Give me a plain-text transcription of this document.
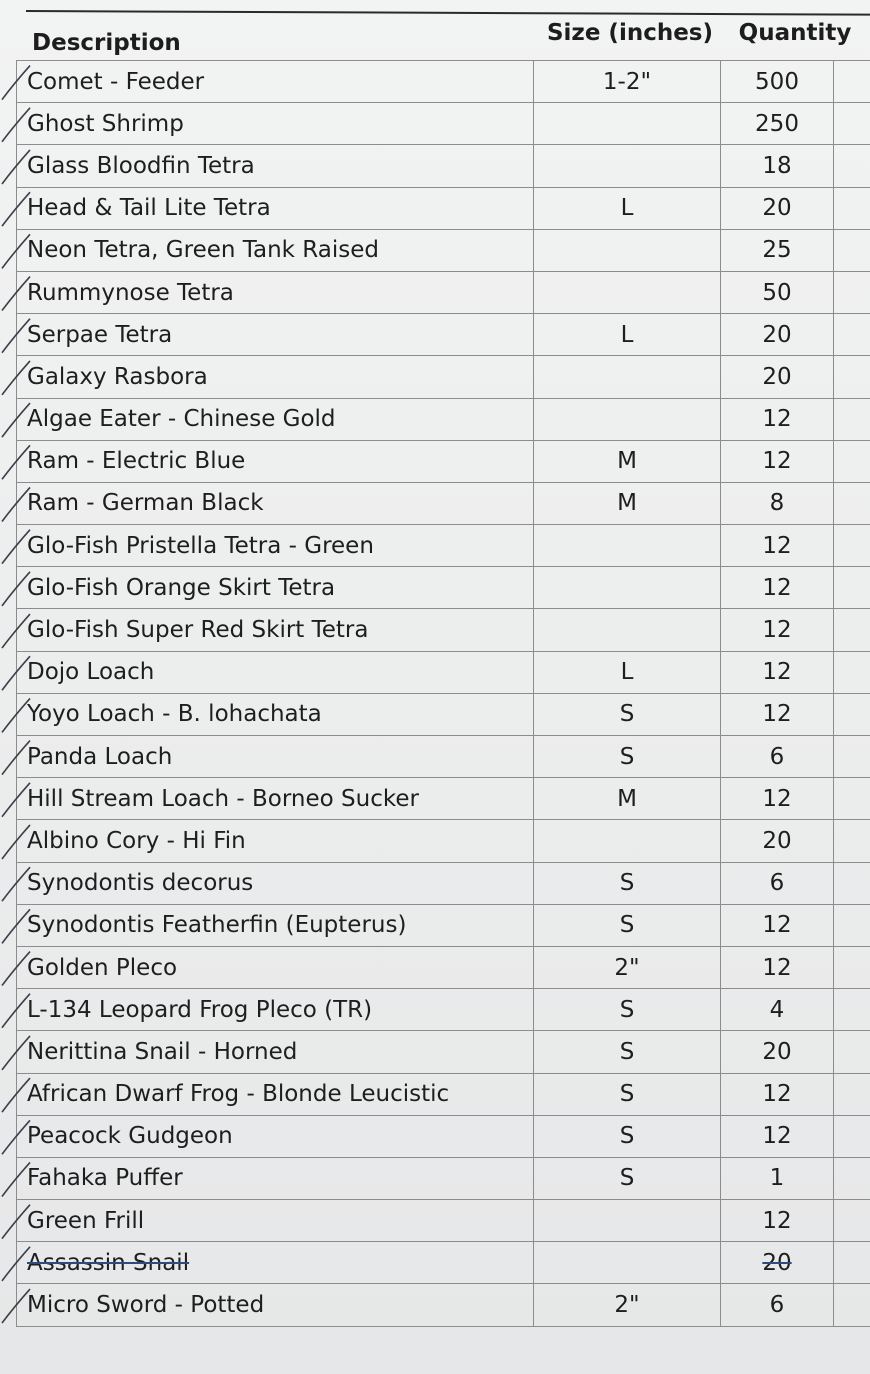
Description	Size (inches)	Quantity
Comet - Feeder	1-2"	500	
Ghost Shrimp		250	
Glass Bloodfin Tetra		18	
Head & Tail Lite Tetra	L	20	
Neon Tetra, Green Tank Raised		25	
Rummynose Tetra		50	
Serpae Tetra	L	20	
Galaxy Rasbora		20	
Algae Eater - Chinese Gold		12	
Ram - Electric Blue	M	12	
Ram - German Black	M	8	
Glo-Fish Pristella Tetra - Green		12	
Glo-Fish Orange Skirt Tetra		12	
Glo-Fish Super Red Skirt Tetra		12	
Dojo Loach	L	12	
Yoyo Loach - B. lohachata	S	12	
Panda Loach	S	6	
Hill Stream Loach - Borneo Sucker	M	12	
Albino Cory - Hi Fin		20	
Synodontis decorus	S	6	
Synodontis Featherfin (Eupterus)	S	12	
Golden Pleco	2"	12	
L-134 Leopard Frog Pleco (TR)	S	4	
Nerittina Snail - Horned	S	20	
African Dwarf Frog - Blonde Leucistic	S	12	
Peacock Gudgeon	S	12	
Fahaka Puffer	S	1	
Green Frill		12	
Assassin Snail		20	
Micro Sword - Potted	2"	6	
